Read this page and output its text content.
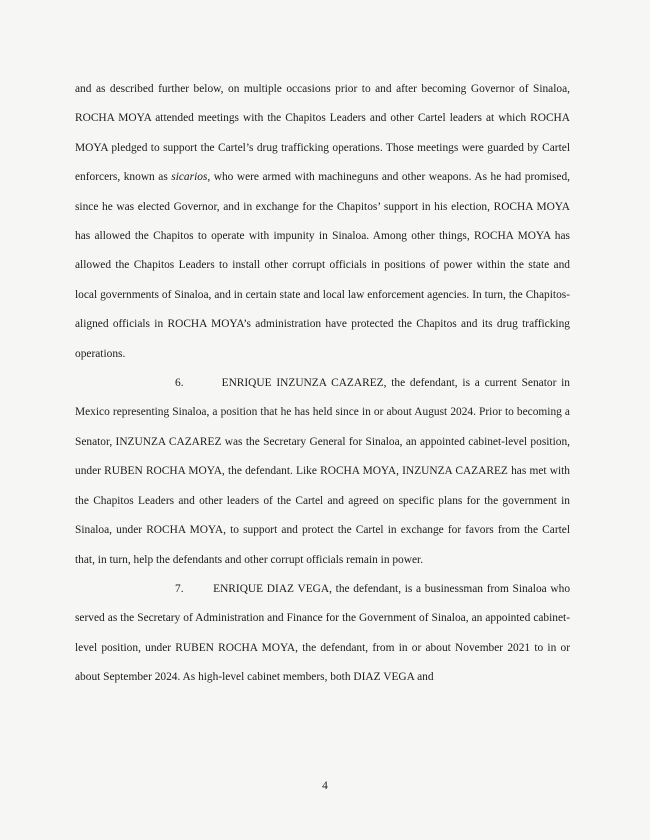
and as described further below, on multiple occasions prior to and after becoming Governor of Sinaloa, ROCHA MOYA attended meetings with the Chapitos Leaders and other Cartel leaders at which ROCHA MOYA pledged to support the Cartel’s drug trafficking operations. Those meetings were guarded by Cartel enforcers, known as sicarios, who were armed with machineguns and other weapons. As he had promised, since he was elected Governor, and in exchange for the Chapitos’ support in his election, ROCHA MOYA has allowed the Chapitos to operate with impunity in Sinaloa. Among other things, ROCHA MOYA has allowed the Chapitos Leaders to install other corrupt officials in positions of power within the state and local governments of Sinaloa, and in certain state and local law enforcement agencies. In turn, the Chapitos-aligned officials in ROCHA MOYA’s administration have protected the Chapitos and its drug trafficking operations.

6.	ENRIQUE INZUNZA CAZAREZ, the defendant, is a current Senator in Mexico representing Sinaloa, a position that he has held since in or about August 2024. Prior to becoming a Senator, INZUNZA CAZAREZ was the Secretary General for Sinaloa, an appointed cabinet-level position, under RUBEN ROCHA MOYA, the defendant. Like ROCHA MOYA, INZUNZA CAZAREZ has met with the Chapitos Leaders and other leaders of the Cartel and agreed on specific plans for the government in Sinaloa, under ROCHA MOYA, to support and protect the Cartel in exchange for favors from the Cartel that, in turn, help the defendants and other corrupt officials remain in power.

7.	ENRIQUE DIAZ VEGA, the defendant, is a businessman from Sinaloa who served as the Secretary of Administration and Finance for the Government of Sinaloa, an appointed cabinet-level position, under RUBEN ROCHA MOYA, the defendant, from in or about November 2021 to in or about September 2024. As high-level cabinet members, both DIAZ VEGA and

4
